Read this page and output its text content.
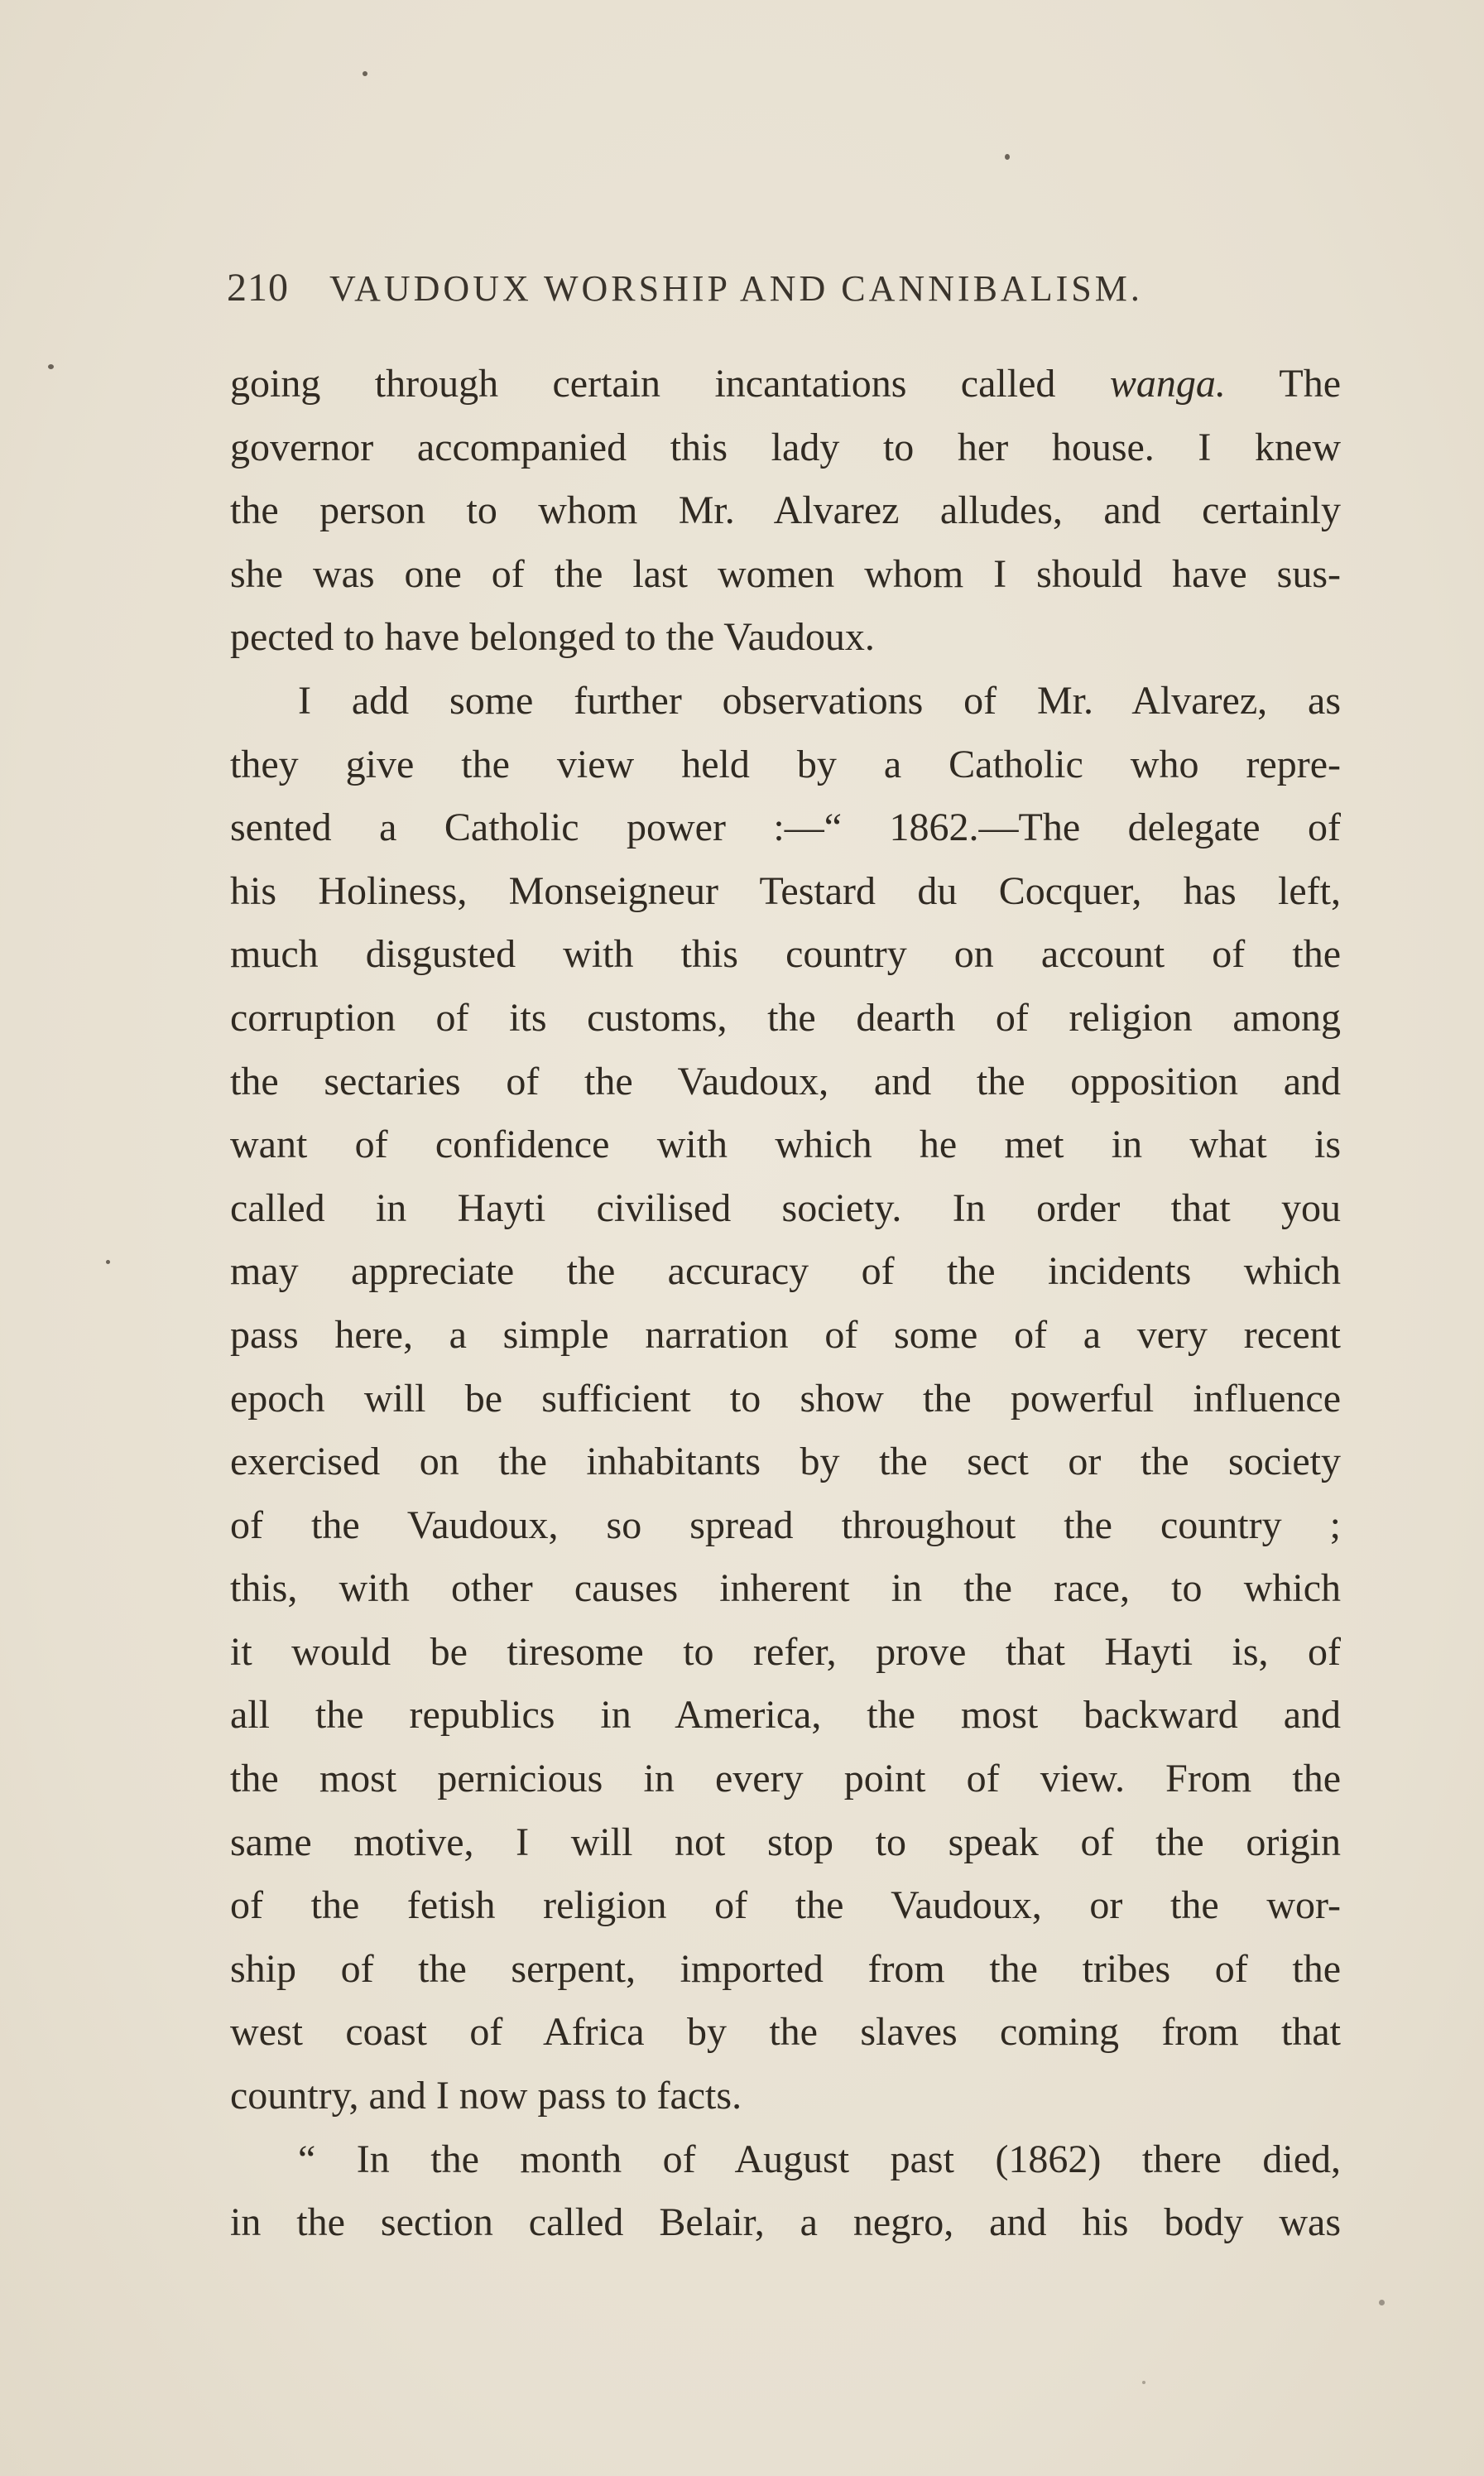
210 VAUDOUX WORSHIP AND CANNIBALISM.
going through certain incantations called wanga. The
governor accompanied this lady to her house. I knew
the person to whom Mr. Alvarez alludes, and certainly
she was one of the last women whom I should have sus-
pected to have belonged to the Vaudoux.
I add some further observations of Mr. Alvarez, as
they give the view held by a Catholic who repre-
sented a Catholic power :—“ 1862.—The delegate of
his Holiness, Monseigneur Testard du Cocquer, has left,
much disgusted with this country on account of the
corruption of its customs, the dearth of religion among
the sectaries of the Vaudoux, and the opposition and
want of confidence with which he met in what is
called in Hayti civilised society. In order that you
may appreciate the accuracy of the incidents which
pass here, a simple narration of some of a very recent
epoch will be sufficient to show the powerful influence
exercised on the inhabitants by the sect or the society
of the Vaudoux, so spread throughout the country ;
this, with other causes inherent in the race, to which
it would be tiresome to refer, prove that Hayti is, of
all the republics in America, the most backward and
the most pernicious in every point of view. From the
same motive, I will not stop to speak of the origin
of the fetish religion of the Vaudoux, or the wor-
ship of the serpent, imported from the tribes of the
west coast of Africa by the slaves coming from that
country, and I now pass to facts.
“ In the month of August past (1862) there died,
in the section called Belair, a negro, and his body was
